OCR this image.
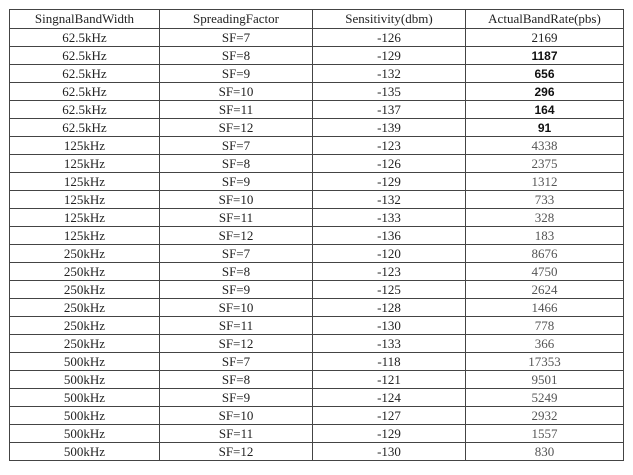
SingnalBandWidth	SpreadingFactor	Sensitivity(dbm)	ActualBandRate(pbs)
62.5kHz	SF=7	-126	2169
62.5kHz	SF=8	-129	1187
62.5kHz	SF=9	-132	656
62.5kHz	SF=10	-135	296
62.5kHz	SF=11	-137	164
62.5kHz	SF=12	-139	91
125kHz	SF=7	-123	4338
125kHz	SF=8	-126	2375
125kHz	SF=9	-129	1312
125kHz	SF=10	-132	733
125kHz	SF=11	-133	328
125kHz	SF=12	-136	183
250kHz	SF=7	-120	8676
250kHz	SF=8	-123	4750
250kHz	SF=9	-125	2624
250kHz	SF=10	-128	1466
250kHz	SF=11	-130	778
250kHz	SF=12	-133	366
500kHz	SF=7	-118	17353
500kHz	SF=8	-121	9501
500kHz	SF=9	-124	5249
500kHz	SF=10	-127	2932
500kHz	SF=11	-129	1557
500kHz	SF=12	-130	830
